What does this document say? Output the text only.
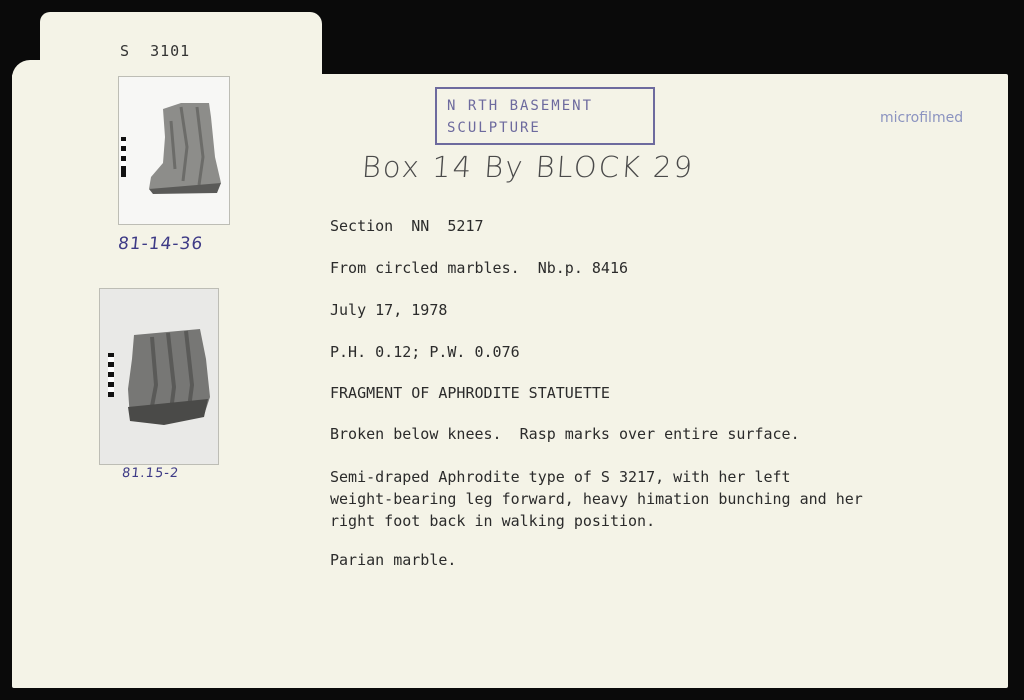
S  3101
81-14-36
81.15-2
N RTH BASEMENT
SCULPTURE
microfilmed
Box 14 By BLOCK 29
Section  NN  5217
From circled marbles.  Nb.p. 8416
July 17, 1978
P.H. 0.12; P.W. 0.076
FRAGMENT OF APHRODITE STATUETTE
Broken below knees.  Rasp marks over entire surface.
Semi-draped Aphrodite type of S 3217, with her left
weight-bearing leg forward, heavy himation bunching and her
right foot back in walking position.
Parian marble.
